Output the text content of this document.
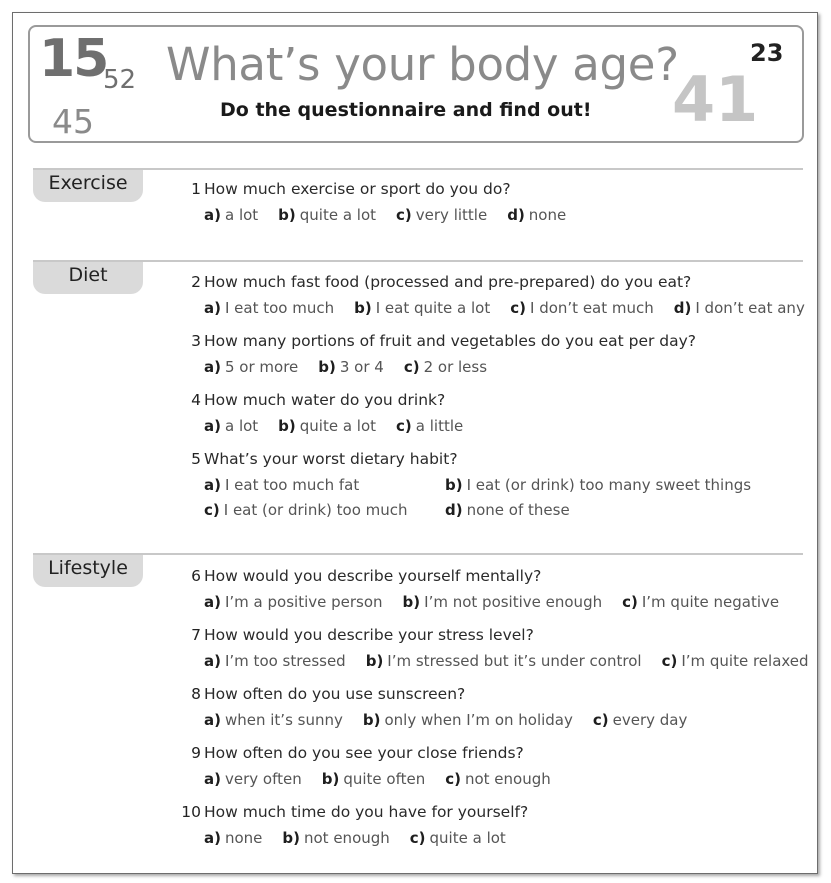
15
52
45	41
23
What’s your body age?
Do the questionnaire and find out!
Exercise
Diet
Lifestyle
1 How much exercise or sport do you do?
a) a lot b) quite a lot c) very little d) none
2 How much fast food (processed and pre-prepared) do you eat?
a) I eat too much b) I eat quite a lot c) I don’t eat much d) I don’t eat any
3 How many portions of fruit and vegetables do you eat per day?
a) 5 or more b) 3 or 4 c) 2 or less
4 How much water do you drink?
a) a lot b) quite a lot c) a little
5 What’s your worst dietary habit?
a) I eat too much fat	b) I eat (or drink) too many sweet things
c) I eat (or drink) too much d) none of these
6 How would you describe yourself mentally?
a) I’m a positive person b) I’m not positive enough c) I’m quite negative
7 How would you describe your stress level?
a) I’m too stressed b) I’m stressed but it’s under control c) I’m quite relaxed
8 How often do you use sunscreen?
a) when it’s sunny b) only when I’m on holiday c) every day
9 How often do you see your close friends?
a) very often b) quite often c) not enough
10 How much time do you have for yourself?
a) none b) not enough c) quite a lot
